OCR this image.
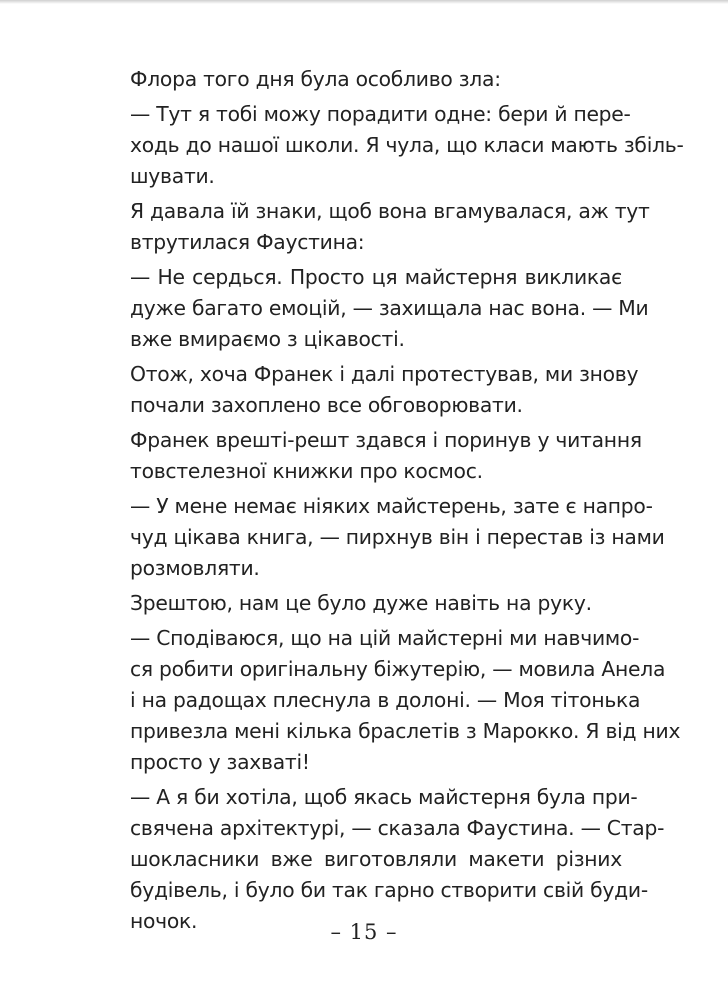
Флора того дня була особливо зла:

— Тут я тобі можу порадити одне: бери й пере-
ходь до нашої школи. Я чула, що класи мають збіль-
шувати.

Я давала їй знаки, щоб вона вгамувалася, аж тут
втрутилася Фаустина:

— Не сердься. Просто ця майстерня викликає
дуже багато емоцій, — захищала нас вона. — Ми
вже вмираємо з цікавості.

Отож, хоча Франек і далі протестував, ми знову
почали захоплено все обговорювати.

Франек врешті-решт здався і поринув у читання
товстелезної книжки про космос.

— У мене немає ніяких майстерень, зате є напро-
чуд цікава книга, — пирхнув він і перестав із нами
розмовляти.

Зрештою, нам це було дуже навіть на руку.

— Сподіваюся, що на цій майстерні ми навчимо-
ся робити оригінальну біжутерію, — мовила Анела
і на радощах плеснула в долоні. — Моя тітонька
привезла мені кілька браслетів з Марокко. Я від них
просто у захваті!

— А я би хотіла, щоб якась майстерня була при-
свячена архітектурі, — сказала Фаустина. — Стар-
шокласники вже виготовляли макети різних
будівель, і було би так гарно створити свій буди-
ночок.	– 15 –
